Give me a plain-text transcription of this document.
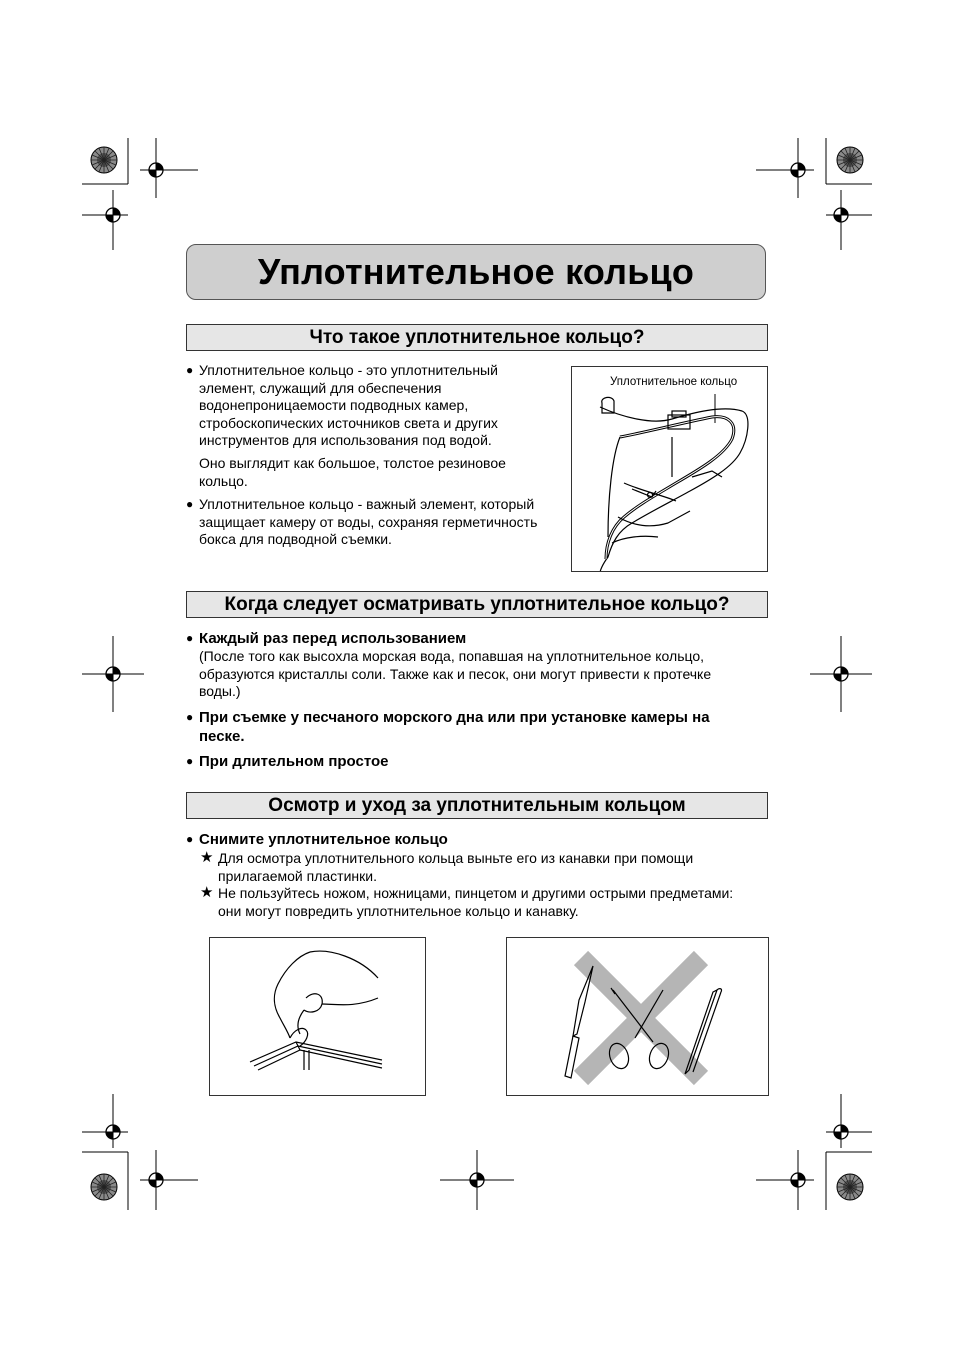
Уплотнительное кольцо
Что такое уплотнительное кольцо?
● Уплотнительное кольцо - это уплотнительный
элемент, служащий для обеспечения
водонепроницаемости подводных камер,
стробоскопических источников света и других
инструментов для использования под водой.
Оно выглядит как большое, толстое резиновое
кольцо.
● Уплотнительное кольцо - важный элемент, который
защищает камеру от воды, сохраняя герметичность
бокса для подводной съемки.
Уплотнительное кольцо
Когда следует осматривать уплотнительное кольцо?
● Каждый раз перед использованием
(После того как высохла морская вода, попавшая на уплотнительное кольцо,
образуются кристаллы соли. Также как и песок, они могут привести к протечке
воды.)
● При съемке у песчаного морского дна или при установке камеры на
песке.
● При длительном простое
Осмотр и уход за уплотнительным кольцом
● Снимите уплотнительное кольцо
★ Для осмотра уплотнительного кольца выньте его из канавки при помощи
прилагаемой пластинки.
★ Не пользуйтесь ножом, ножницами, пинцетом и другими острыми предметами:
они могут повредить уплотнительное кольцо и канавку.
